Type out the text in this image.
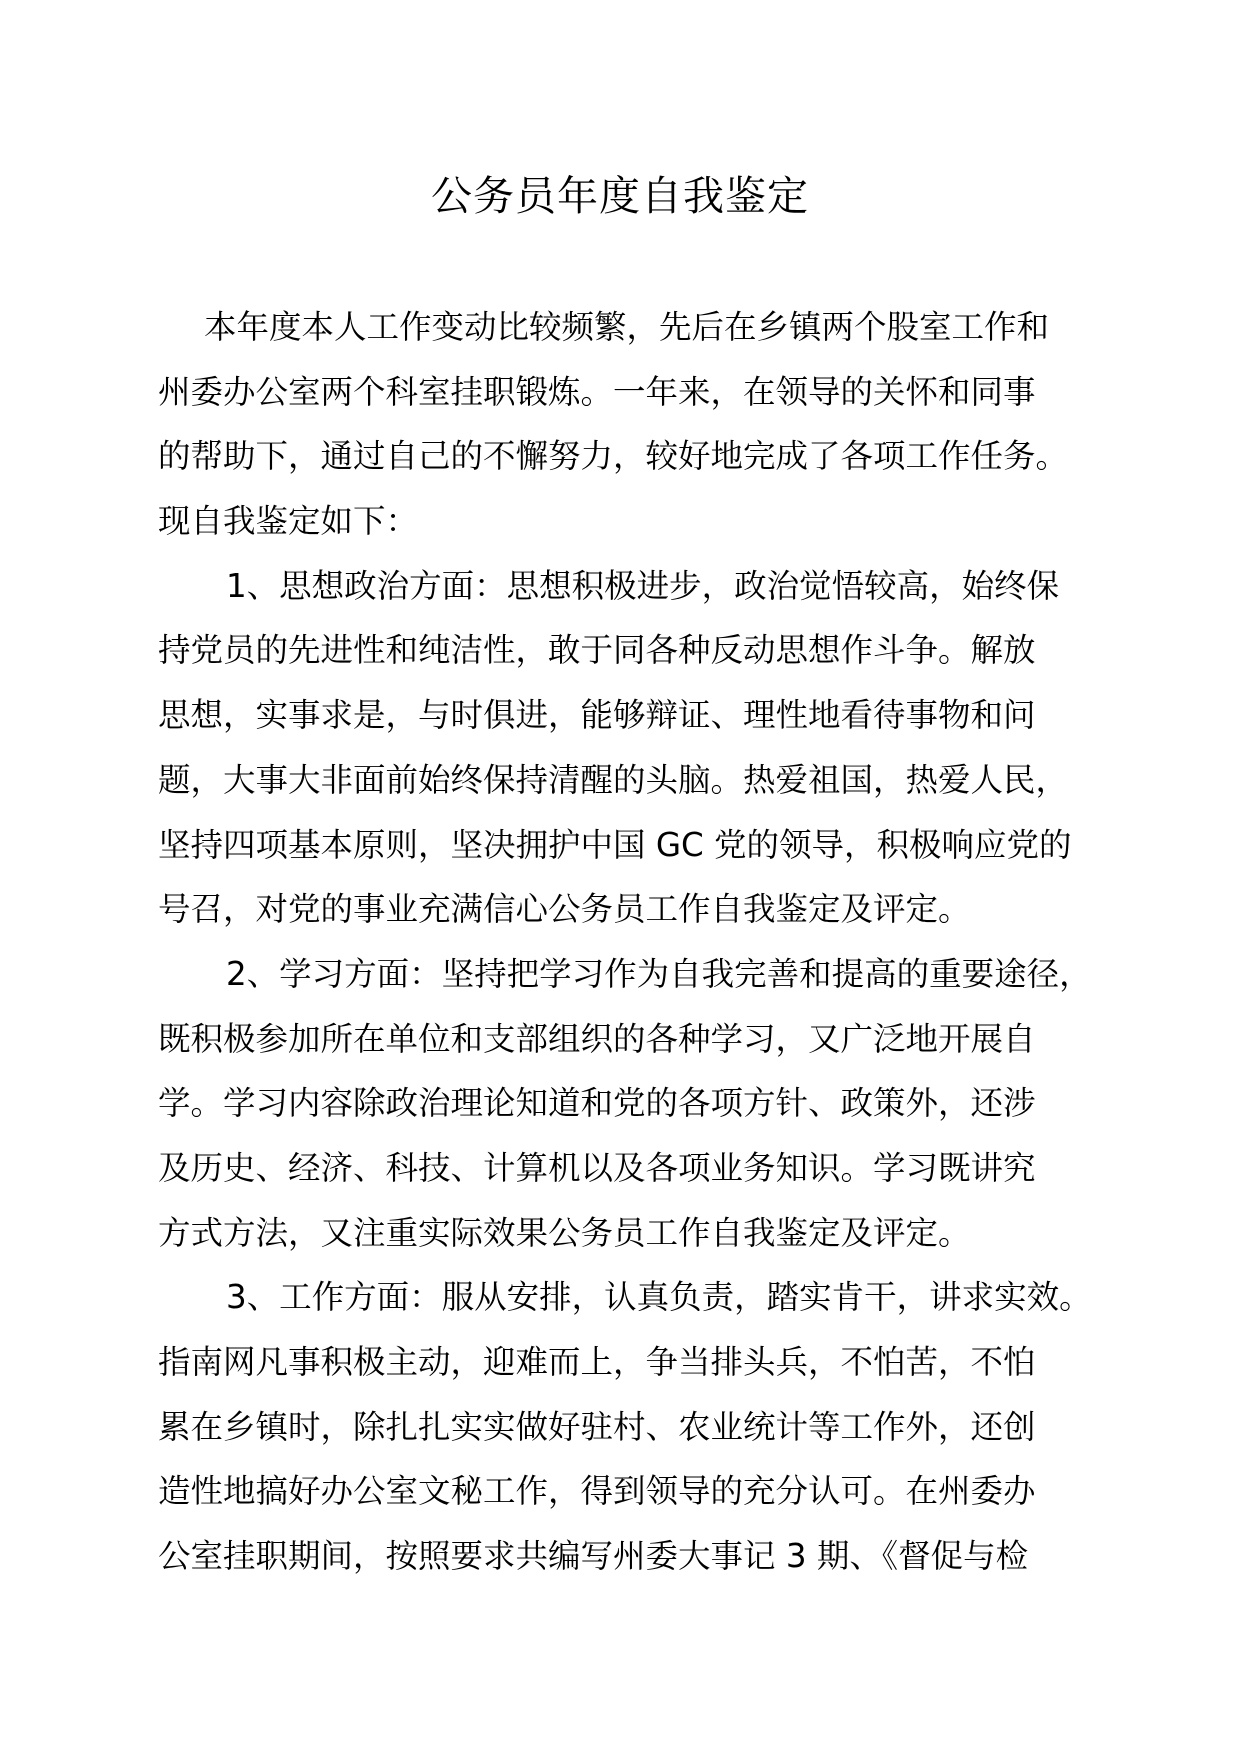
公务员年度自我鉴定
本年度本人工作变动比较频繁，先后在乡镇两个股室工作和
州委办公室两个科室挂职锻炼。一年来，在领导的关怀和同事
的帮助下，通过自己的不懈努力，较好地完成了各项工作任务。
现自我鉴定如下：
1、思想政治方面：思想积极进步，政治觉悟较高，始终保
持党员的先进性和纯洁性，敢于同各种反动思想作斗争。解放
思想，实事求是，与时俱进，能够辩证、理性地看待事物和问
题，大事大非面前始终保持清醒的头脑。热爱祖国，热爱人民，
坚持四项基本原则，坚决拥护中国 GC 党的领导，积极响应党的
号召，对党的事业充满信心公务员工作自我鉴定及评定。
2、学习方面：坚持把学习作为自我完善和提高的重要途径，
既积极参加所在单位和支部组织的各种学习，又广泛地开展自
学。学习内容除政治理论知道和党的各项方针、政策外，还涉
及历史、经济、科技、计算机以及各项业务知识。学习既讲究
方式方法，又注重实际效果公务员工作自我鉴定及评定。
3、工作方面：服从安排，认真负责，踏实肯干，讲求实效。
指南网凡事积极主动，迎难而上，争当排头兵，不怕苦，不怕
累在乡镇时，除扎扎实实做好驻村、农业统计等工作外，还创
造性地搞好办公室文秘工作，得到领导的充分认可。在州委办
公室挂职期间，按照要求共编写州委大事记 3 期、《督促与检
